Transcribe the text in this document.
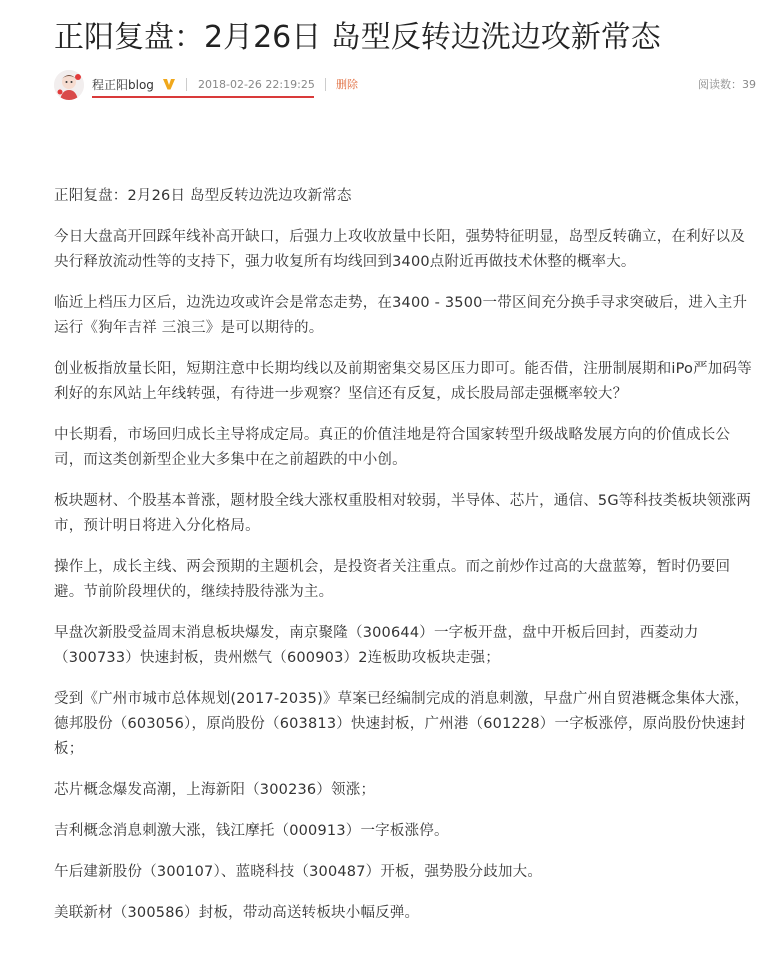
正阳复盘：2月26日 岛型反转边洗边攻新常态
程正阳blog	2018-02-26 22:19:25 删除	阅读数：39

正阳复盘：2月26日 岛型反转边洗边攻新常态

今日大盘高开回踩年线补高开缺口，后强力上攻收放量中长阳，强势特征明显，岛型反转确立，在利好以及央行释放流动性等的支持下，强力收复所有均线回到3400点附近再做技术休整的概率大。

临近上档压力区后，边洗边攻或许会是常态走势，在3400 - 3500一带区间充分换手寻求突破后，进入主升运行《狗年吉祥 三浪三》是可以期待的。

创业板指放量长阳，短期注意中长期均线以及前期密集交易区压力即可。能否借，注册制展期和iPo严加码等利好的东风站上年线转强，有待进一步观察？坚信还有反复，成长股局部走强概率较大？

中长期看，市场回归成长主导将成定局。真正的价值洼地是符合国家转型升级战略发展方向的价值成长公司，而这类创新型企业大多集中在之前超跌的中小创。

板块题材、个股基本普涨，题材股全线大涨权重股相对较弱，半导体、芯片，通信、5G等科技类板块领涨两市，预计明日将进入分化格局。

操作上，成长主线、两会预期的主题机会，是投资者关注重点。而之前炒作过高的大盘蓝筹，暂时仍要回避。节前阶段埋伏的，继续持股待涨为主。

早盘次新股受益周末消息板块爆发，南京聚隆（300644）一字板开盘，盘中开板后回封，西菱动力（300733）快速封板，贵州燃气（600903）2连板助攻板块走强；

受到《广州市城市总体规划(2017-2035)》草案已经编制完成的消息刺激，早盘广州自贸港概念集体大涨，德邦股份（603056），原尚股份（603813）快速封板，广州港（601228）一字板涨停，原尚股份快速封板；

芯片概念爆发高潮，上海新阳（300236）领涨；

吉利概念消息刺激大涨，钱江摩托（000913）一字板涨停。

午后建新股份（300107）、蓝晓科技（300487）开板，强势股分歧加大。

美联新材（300586）封板，带动高送转板块小幅反弹。
